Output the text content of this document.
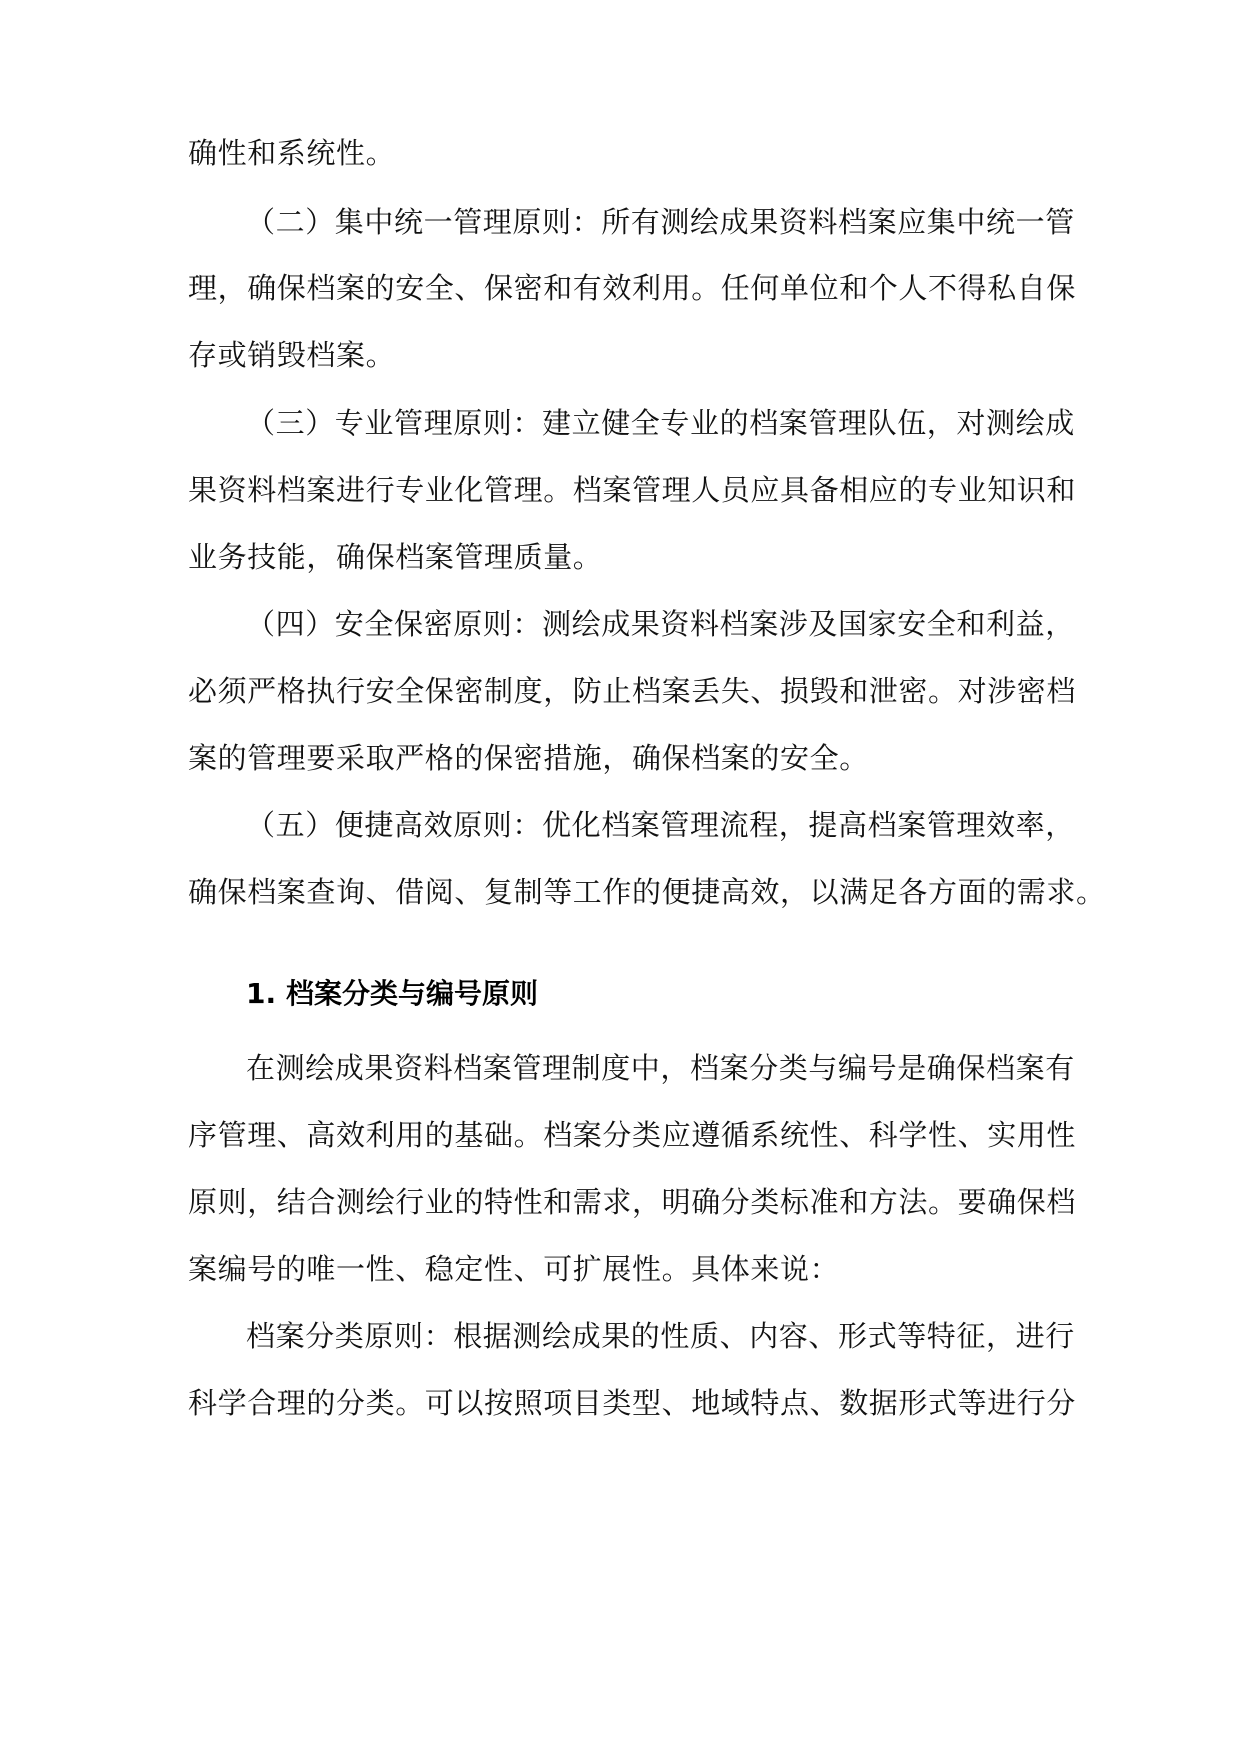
确性和系统性。
（二）集中统一管理原则：所有测绘成果资料档案应集中统一管
理，确保档案的安全、保密和有效利用。任何单位和个人不得私自保
存或销毁档案。
（三）专业管理原则：建立健全专业的档案管理队伍，对测绘成
果资料档案进行专业化管理。档案管理人员应具备相应的专业知识和
业务技能，确保档案管理质量。
（四）安全保密原则：测绘成果资料档案涉及国家安全和利益，
必须严格执行安全保密制度，防止档案丢失、损毁和泄密。对涉密档
案的管理要采取严格的保密措施，确保档案的安全。
（五）便捷高效原则：优化档案管理流程，提高档案管理效率，
确保档案查询、借阅、复制等工作的便捷高效，以满足各方面的需求。
1. 档案分类与编号原则
在测绘成果资料档案管理制度中，档案分类与编号是确保档案有
序管理、高效利用的基础。档案分类应遵循系统性、科学性、实用性
原则，结合测绘行业的特性和需求，明确分类标准和方法。要确保档
案编号的唯一性、稳定性、可扩展性。具体来说：
档案分类原则：根据测绘成果的性质、内容、形式等特征，进行
科学合理的分类。可以按照项目类型、地域特点、数据形式等进行分
